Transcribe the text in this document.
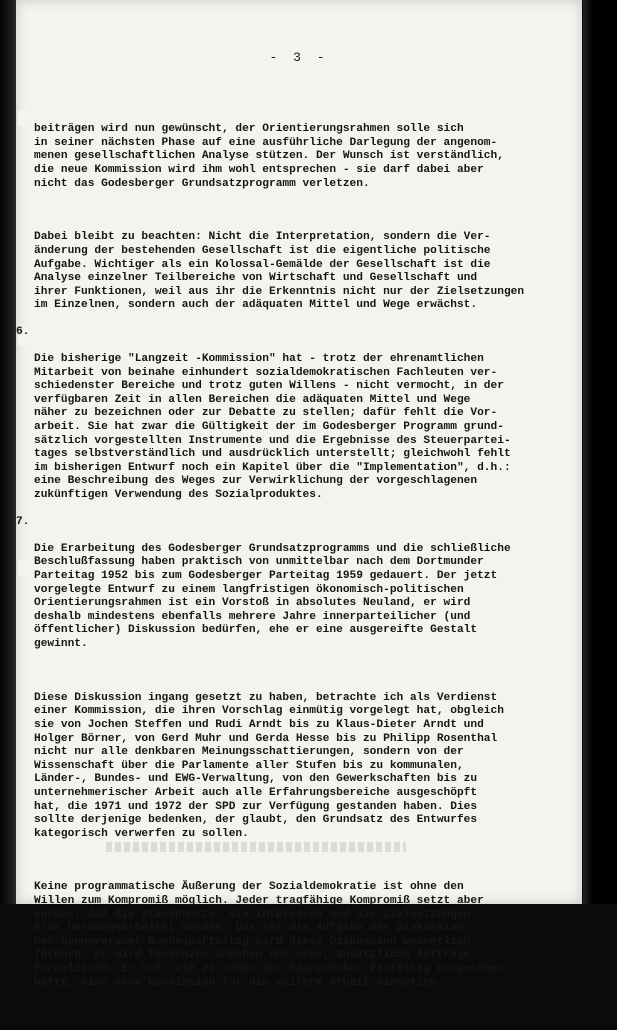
- 3 -

beiträgen wird nun gewünscht, der Orientierungsrahmen solle sich
in seiner nächsten Phase auf eine ausführliche Darlegung der angenom-
menen gesellschaftlichen Analyse stützen. Der Wunsch ist verständlich,
die neue Kommission wird ihm wohl entsprechen - sie darf dabei aber
nicht das Godesberger Grundsatzprogramm verletzen.

Dabei bleibt zu beachten: Nicht die Interpretation, sondern die Ver-
änderung der bestehenden Gesellschaft ist die eigentliche politische
Aufgabe. Wichtiger als ein Kolossal-Gemälde der Gesellschaft ist die
Analyse einzelner Teilbereiche von Wirtschaft und Gesellschaft und
ihrer Funktionen, weil aus ihr die Erkenntnis nicht nur der Zielsetzungen
im Einzelnen, sondern auch der adäquaten Mittel und Wege erwächst.

6.

Die bisherige "Langzeit -Kommission" hat - trotz der ehrenamtlichen
Mitarbeit von beinahe einhundert sozialdemokratischen Fachleuten ver-
schiedenster Bereiche und trotz guten Willens - nicht vermocht, in der
verfügbaren Zeit in allen Bereichen die adäquaten Mittel und Wege
näher zu bezeichnen oder zur Debatte zu stellen; dafür fehlt die Vor-
arbeit. Sie hat zwar die Gültigkeit der im Godesberger Programm grund-
sätzlich vorgestellten Instrumente und die Ergebnisse des Steuerpartei-
tages selbstverständlich und ausdrücklich unterstellt; gleichwohl fehlt
im bisherigen Entwurf noch ein Kapitel über die "Implementation", d.h.:
eine Beschreibung des Weges zur Verwirklichung der vorgeschlagenen
zukünftigen Verwendung des Sozialproduktes.

7.

Die Erarbeitung des Godesberger Grundsatzprogramms und die schließliche
Beschlußfassung haben praktisch von unmittelbar nach dem Dortmunder
Parteitag 1952 bis zum Godesberger Parteitag 1959 gedauert. Der jetzt
vorgelegte Entwurf zu einem langfristigen ökonomisch-politischen
Orientierungsrahmen ist ein Vorstoß in absolutes Neuland, er wird
deshalb mindestens ebenfalls mehrere Jahre innerparteilicher (und
öffentlicher) Diskussion bedürfen, ehe er eine ausgereifte Gestalt
gewinnt.

Diese Diskussion ingang gesetzt zu haben, betrachte ich als Verdienst
einer Kommission, die ihren Vorschlag einmütig vorgelegt hat, obgleich
sie von Jochen Steffen und Rudi Arndt bis zu Klaus-Dieter Arndt und
Holger Börner, von Gerd Muhr und Gerda Hesse bis zu Philipp Rosenthal
nicht nur alle denkbaren Meinungsschattierungen, sondern von der
Wissenschaft über die Parlamente aller Stufen bis zu kommunalen,
Länder-, Bundes- und EWG-Verwaltung, von den Gewerkschaften bis zu
unternehmerischer Arbeit auch alle Erfahrungsbereiche ausgeschöpft
hat, die 1971 und 1972 der SPD zur Verfügung gestanden haben. Dies
sollte derjenige bedenken, der glaubt, den Grundsatz des Entwurfes
kategorisch verwerfen zu sollen.

Keine programmatische Äußerung der Sozialdemokratie ist ohne den
Willen zum Kompromiß möglich. Jeder tragfähige Kompromiß setzt aber
voraus, daß die Standpunkte, die Interessen und die Zielsetzungen
klar herausgearbeitet werden. Das ist die Aufgabe der Diskussion.
Der Hannoveraner Bundesparteitag wird diese Diskussion wesentlich
fördern, er wird Tendenzen angeben und neue, zusätzliche Aufträge
formulieren. Er muß, wie es schon der Saarbrücker Parteitag vorgesehen
hatte, eine neue Kommission für die weitere Arbeit einsetzen.

-.-.-.-.-.-.-
